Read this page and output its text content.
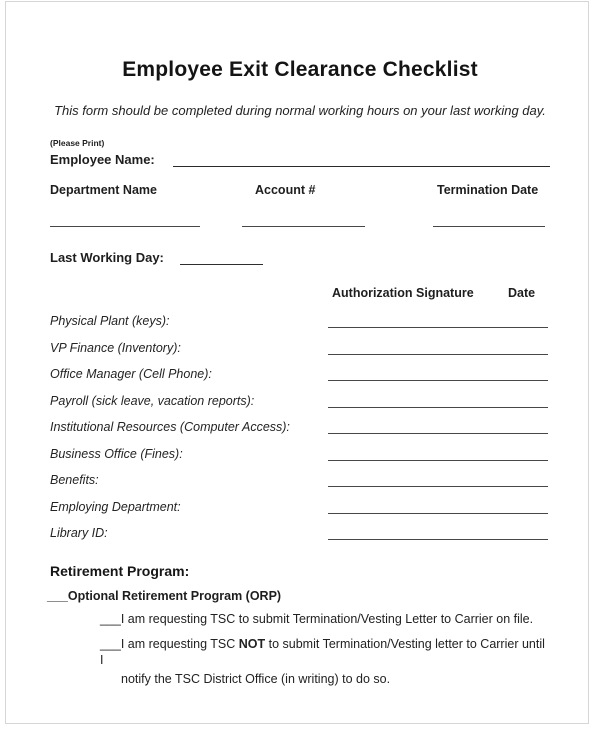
Employee Exit Clearance Checklist
This form should be completed during normal working hours on your last working day.
(Please Print)
Employee Name:
Department Name	Account #	Termination Date
Last Working Day:
Authorization Signature	Date
Physical Plant (keys):
VP Finance (Inventory):
Office Manager (Cell Phone):
Payroll (sick leave, vacation reports):
Institutional Resources (Computer Access):
Business Office (Fines):
Benefits:
Employing Department:
Library ID:
Retirement Program:
___Optional Retirement Program (ORP)
___I am requesting TSC to submit Termination/Vesting Letter to Carrier on file.
___I am requesting TSC NOT to submit Termination/Vesting letter to Carrier until I
notify the TSC District Office (in writing) to do so.
